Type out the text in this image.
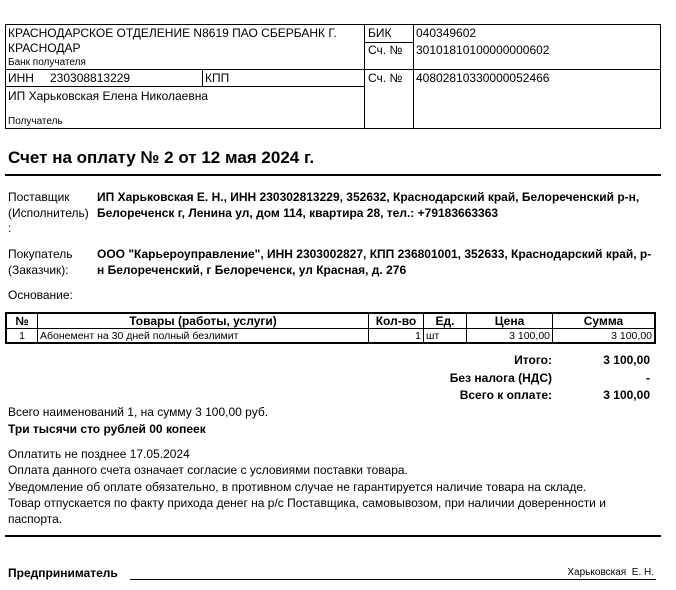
КРАСНОДАРСКОЕ ОТДЕЛЕНИЕ N8619 ПАО СБЕРБАНК Г.
КРАСНОДАР
Банк получателя
БИК 040349602
Сч. № 30101810100000000602
ИНН 230308813229	КПП	Сч. № 40802810330000052466
ИП Харьковская Елена Николаевна
Получатель
Счет на оплату № 2 от 12 мая 2024 г.
Поставщик
(Исполнитель)
:
ИП Харьковская Е. Н., ИНН 230302813229, 352632, Краснодарский край, Белореченский р-н,
Белореченск г, Ленина ул, дом 114, квартира 28, тел.: +79183663363
Покупатель
(Заказчик):
ООО "Карьероуправление", ИНН 2303002827, КПП 236801001, 352633, Краснодарский край, р-
н Белореченский, г Белореченск, ул Красная, д. 276
Основание:
№	Товары (работы, услуги)	Кол-во	Ед.	Цена	Сумма
1	Абонемент на 30 дней полный безлимит	1 шт	3 100,00	3 100,00
Итого:	3 100,00
Без налога (НДС)	-
Всего к оплате:	3 100,00
Всего наименований 1, на сумму 3 100,00 руб.
Три тысячи сто рублей 00 копеек
Оплатить не позднее 17.05.2024
Оплата данного счета означает согласие с условиями поставки товара.
Уведомление об оплате обязательно, в противном случае не гарантируется наличие товара на складе.
Товар отпускается по факту прихода денег на р/с Поставщика, самовывозом, при наличии доверенности и
паспорта.
Предприниматель	Харьковская  Е. Н.
